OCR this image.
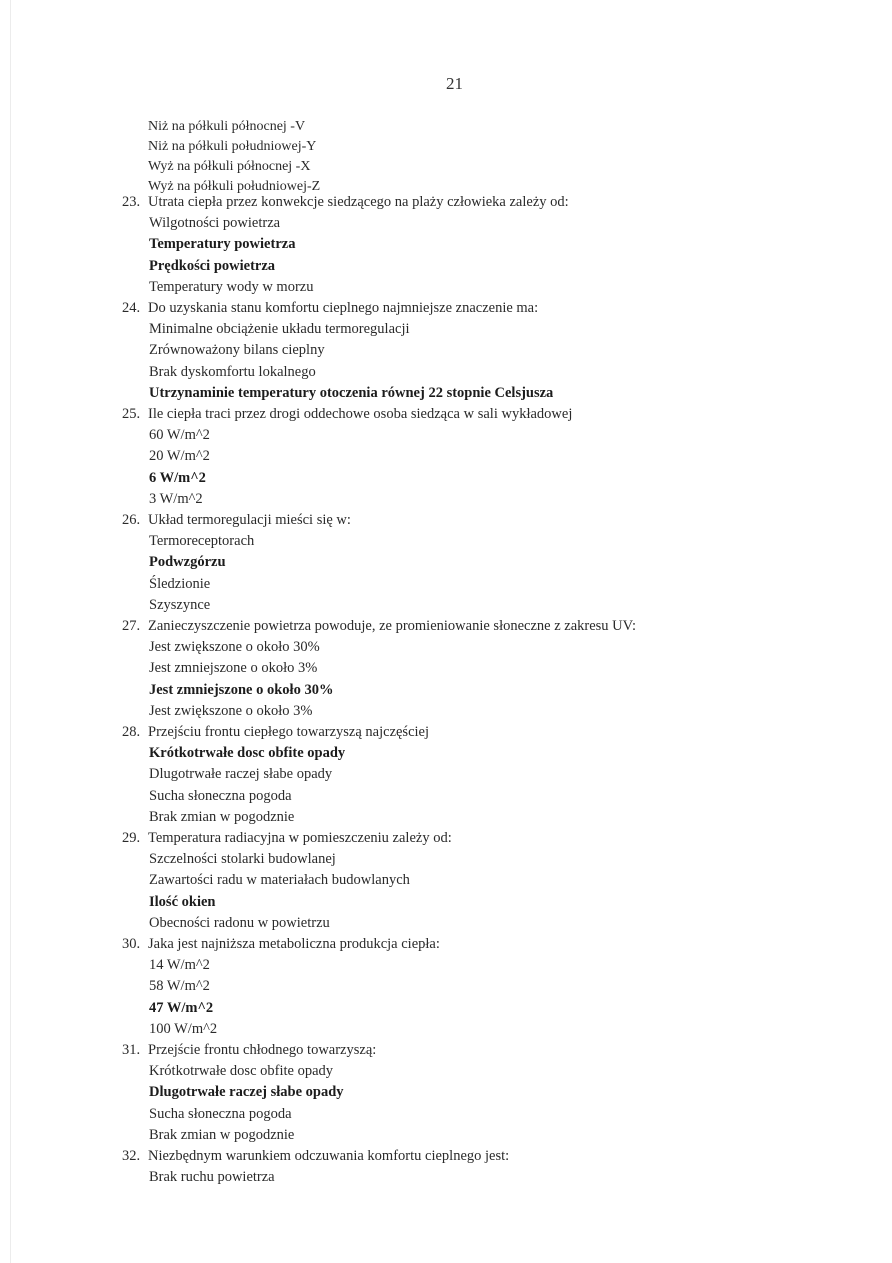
21
Niż na półkuli północnej -V
Niż na półkuli południowej-Y
Wyż na półkuli północnej -X
Wyż na półkuli południowej-Z
23. Utrata ciepła przez konwekcje siedzącego na plaży człowieka zależy od:
Wilgotności powietrza
Temperatury powietrza
Prędkości powietrza
Temperatury wody w morzu
24. Do uzyskania stanu komfortu cieplnego najmniejsze znaczenie ma:
Minimalne obciążenie układu termoregulacji
Zrównoważony bilans cieplny
Brak dyskomfortu lokalnego
Utrzynaminie temperatury otoczenia równej 22 stopnie Celsjusza
25. Ile ciepła traci przez drogi oddechowe osoba siedząca w sali wykładowej
60 W/m^2
20 W/m^2
6 W/m^2
3 W/m^2
26. Układ termoregulacji mieści się w:
Termoreceptorach
Podwzgórzu
Śledzionie
Szyszynce
27. Zanieczyszczenie powietrza powoduje, ze promieniowanie słoneczne z zakresu UV:
Jest zwiększone o około 30%
Jest zmniejszone o około 3%
Jest zmniejszone o około 30%
Jest zwiększone o około 3%
28. Przejściu frontu ciepłego towarzyszą najczęściej
Krótkotrwałe dosc obfite opady
Dlugotrwałe raczej słabe opady
Sucha słoneczna pogoda
Brak zmian w pogodznie
29. Temperatura radiacyjna w pomieszczeniu zależy od:
Szczelności stolarki budowlanej
Zawartości radu w materiałach budowlanych
Ilość okien
Obecności radonu w powietrzu
30. Jaka jest najniższa metaboliczna produkcja ciepła:
14 W/m^2
58 W/m^2
47 W/m^2
100 W/m^2
31. Przejście frontu chłodnego towarzyszą:
Krótkotrwałe dosc obfite opady
Dlugotrwałe raczej słabe opady
Sucha słoneczna pogoda
Brak zmian w pogodznie
32. Niezbędnym warunkiem odczuwania komfortu cieplnego jest:
Brak ruchu powietrza
